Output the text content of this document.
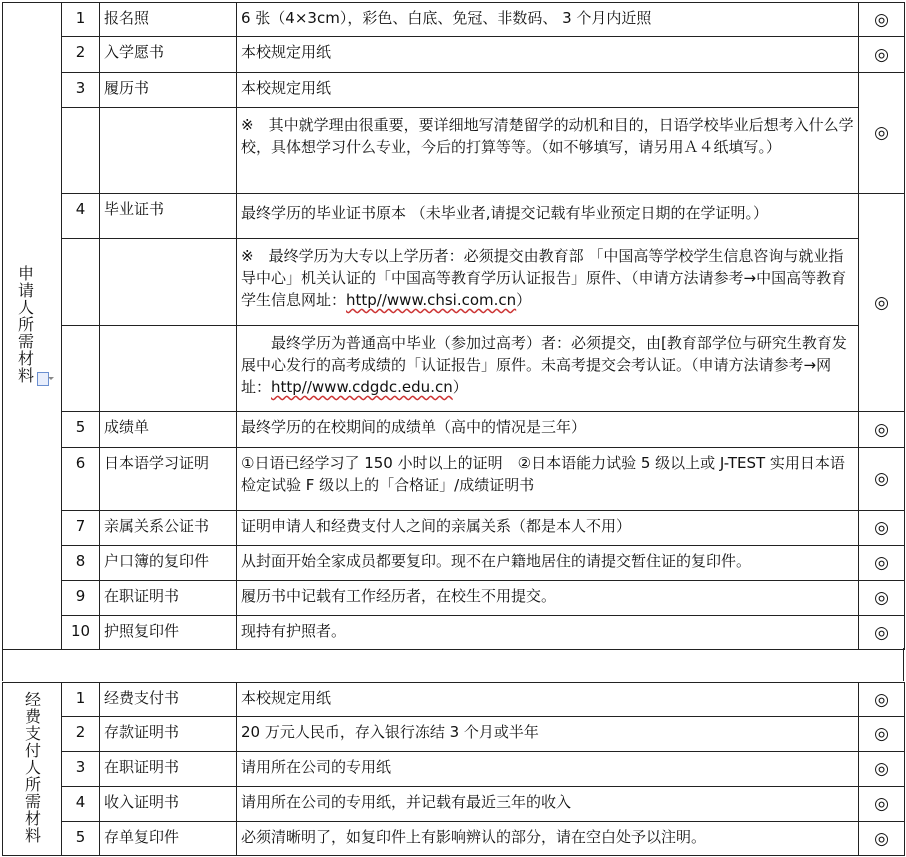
申请人所需材料	1	报名照	6 张（4×3cm），彩色、白底、免冠、非数码、 3 个月内近照	◎
	2	入学愿书	本校规定用纸	◎
	3	履历书	本校规定用纸	◎
			※　其中就学理由很重要，要详细地写清楚留学的动机和目的，日语学校毕业后想考入什么学校，具体想学习什么专业，今后的打算等等。（如不够填写，请另用Ａ４纸填写。）	
	4	毕业证书	最终学历的毕业证书原本 （未毕业者,请提交记载有毕业预定日期的在学证明。）	◎
			※　最终学历为大专以上学历者：必须提交由教育部 「中国高等学校学生信息咨询与就业指导中心」机关认证的「中国高等教育学历认证报告」原件、（申请方法请参考→中国高等教育学生信息网址：http//www.chsi.com.cn）	
			　　最终学历为普通高中毕业（参加过高考）者：必须提交，由[教育部学位与研究生教育发展中心发行的高考成绩的「认证报告」原件。未高考提交会考认证。（申请方法请参考→网址：http//www.cdgdc.edu.cn）	
	5	成绩单	最终学历的在校期间的成绩单（高中的情况是三年）	◎
	6	日本语学习证明	①日语已经学习了 150 小时以上的证明　②日本语能力试验 5 级以上或 J-TEST 实用日本语检定试验 F 级以上的「合格证」/成绩证明书	◎
	7	亲属关系公证书	证明申请人和经费支付人之间的亲属关系（都是本人不用）	◎
	8	户口簿的复印件	从封面开始全家成员都要复印。现不在户籍地居住的请提交暂住证的复印件。	◎
	9	在职证明书	履历书中记载有工作经历者，在校生不用提交。	◎
	10	护照复印件	现持有护照者。	◎
经费支付人所需材料	1	经费支付书	本校规定用纸	◎
	2	存款证明书	20 万元人民币，存入银行冻结 3 个月或半年	◎
	3	在职证明书	请用所在公司的专用纸	◎
	4	收入证明书	请用所在公司的专用纸，并记载有最近三年的收入	◎
	5	存单复印件	必须清晰明了，如复印件上有影响辨认的部分，请在空白处予以注明。	◎
